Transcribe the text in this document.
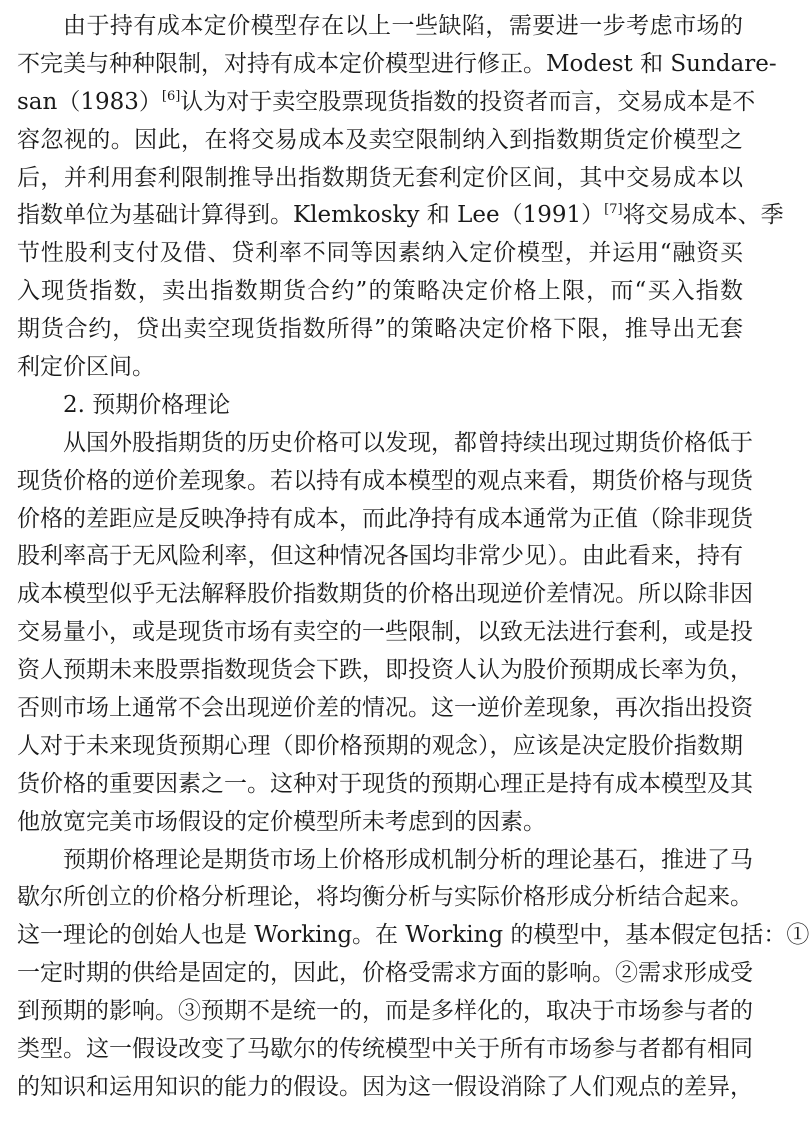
由于持有成本定价模型存在以上一些缺陷，需要进一步考虑市场的
不完美与种种限制，对持有成本定价模型进行修正。Modest 和 Sundare-
san（1983）[6]认为对于卖空股票现货指数的投资者而言，交易成本是不
容忽视的。因此，在将交易成本及卖空限制纳入到指数期货定价模型之
后，并利用套利限制推导出指数期货无套利定价区间，其中交易成本以
指数单位为基础计算得到。Klemkosky 和 Lee（1991）[7]将交易成本、季
节性股利支付及借、贷利率不同等因素纳入定价模型，并运用“融资买
入现货指数，卖出指数期货合约”的策略决定价格上限，而“买入指数
期货合约，贷出卖空现货指数所得”的策略决定价格下限，推导出无套
利定价区间。
2. 预期价格理论
从国外股指期货的历史价格可以发现，都曾持续出现过期货价格低于
现货价格的逆价差现象。若以持有成本模型的观点来看，期货价格与现货
价格的差距应是反映净持有成本，而此净持有成本通常为正值（除非现货
股利率高于无风险利率，但这种情况各国均非常少见）。由此看来，持有
成本模型似乎无法解释股价指数期货的价格出现逆价差情况。所以除非因
交易量小，或是现货市场有卖空的一些限制，以致无法进行套利，或是投
资人预期未来股票指数现货会下跌，即投资人认为股价预期成长率为负，
否则市场上通常不会出现逆价差的情况。这一逆价差现象，再次指出投资
人对于未来现货预期心理（即价格预期的观念），应该是决定股价指数期
货价格的重要因素之一。这种对于现货的预期心理正是持有成本模型及其
他放宽完美市场假设的定价模型所未考虑到的因素。
预期价格理论是期货市场上价格形成机制分析的理论基石，推进了马
歇尔所创立的价格分析理论，将均衡分析与实际价格形成分析结合起来。
这一理论的创始人也是 Working。在 Working 的模型中，基本假定包括：①
一定时期的供给是固定的，因此，价格受需求方面的影响。②需求形成受
到预期的影响。③预期不是统一的，而是多样化的，取决于市场参与者的
类型。这一假设改变了马歇尔的传统模型中关于所有市场参与者都有相同
的知识和运用知识的能力的假设。因为这一假设消除了人们观点的差异，
